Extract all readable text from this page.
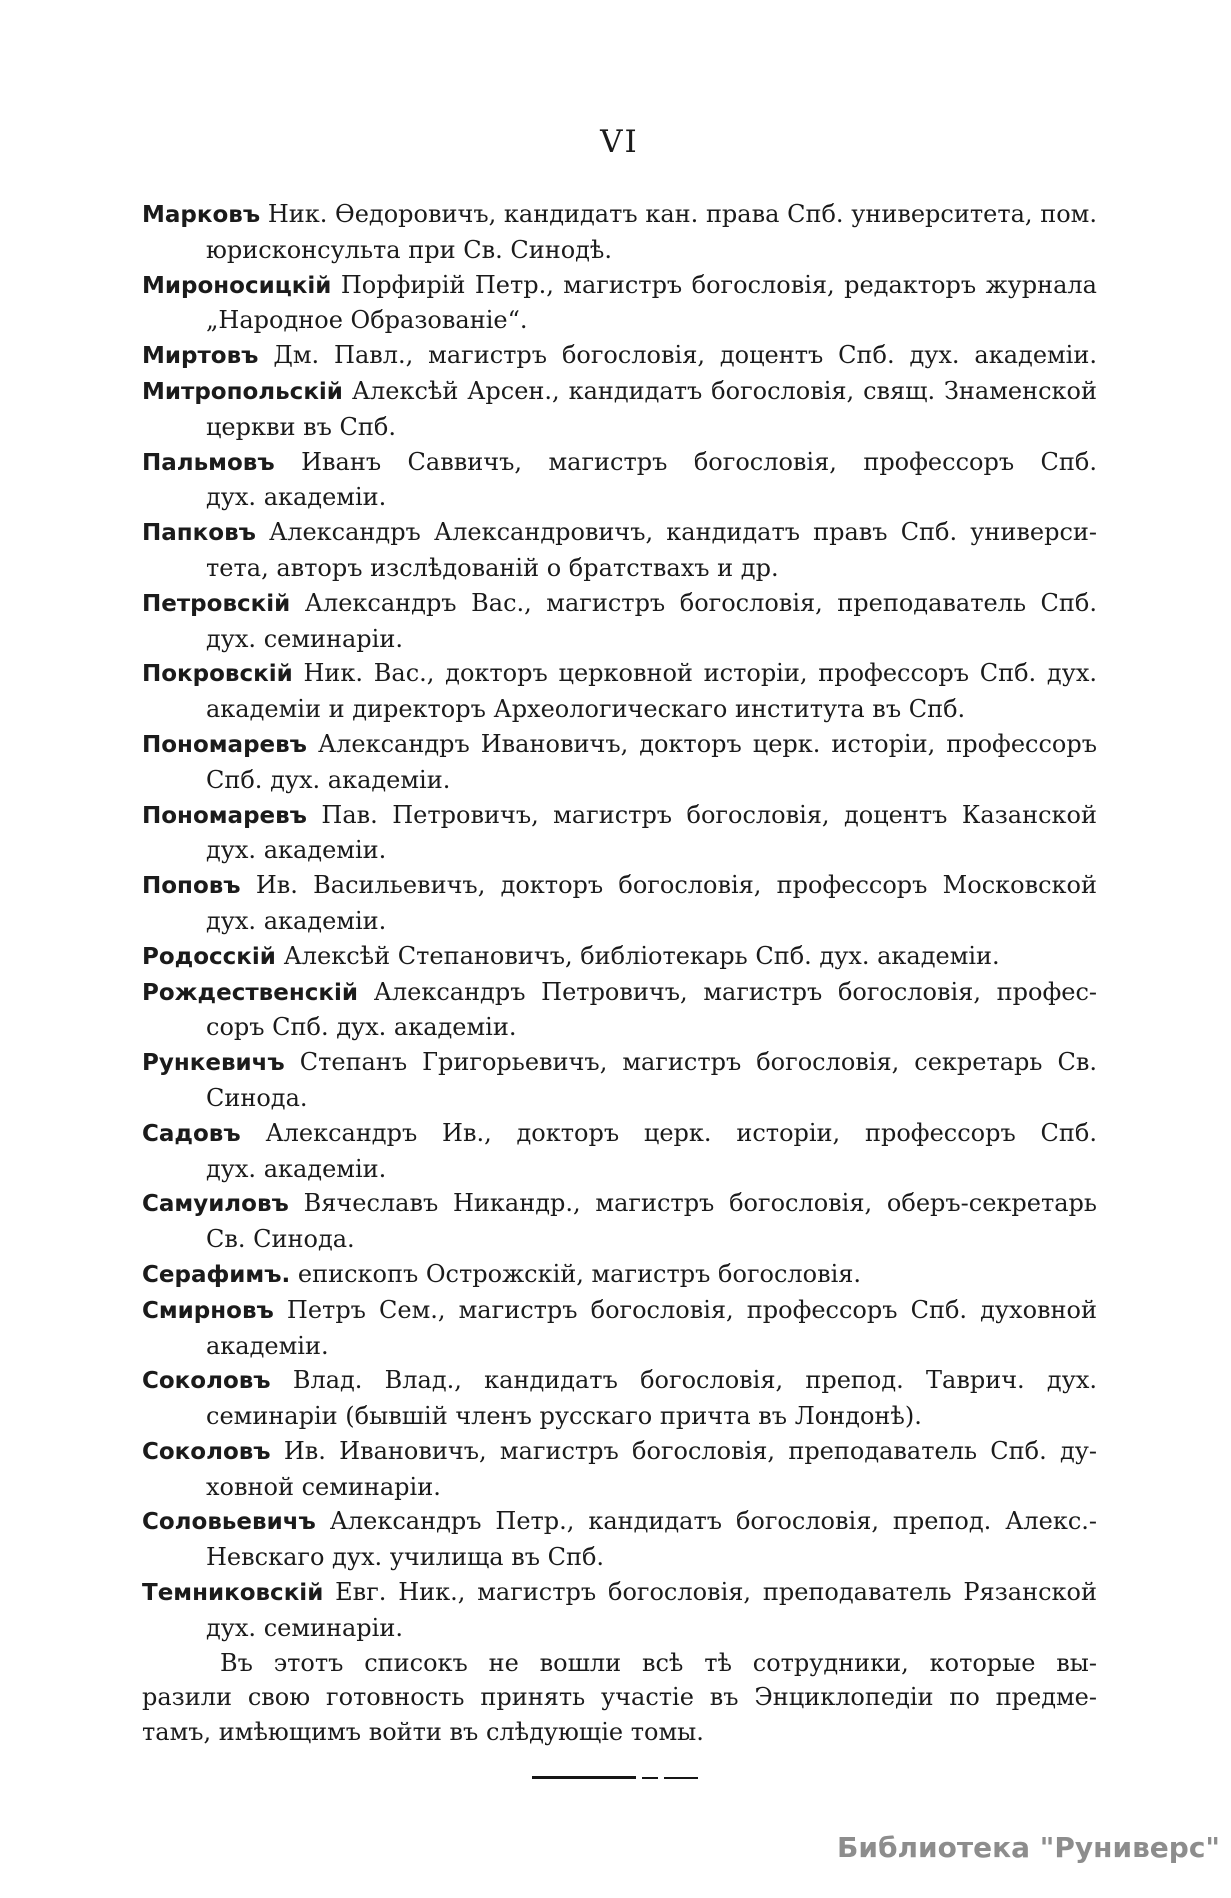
VI
Марковъ Ник. Ѳедоровичъ, кандидатъ кан. права Спб. университета, пом.
юрисконсульта при Св. Синодѣ.
Мироносицкій Порфирій Петр., магистръ богословія, редакторъ журнала
„Народное Образованіе“.
Миртовъ Дм. Павл., магистръ богословія, доцентъ Спб. дух. академіи.
Митропольскій Алексѣй Арсен., кандидатъ богословія, свящ. Знаменской
церкви въ Спб.
Пальмовъ Иванъ Саввичъ, магистръ богословія, профессоръ Спб.
дух. академіи.
Папковъ Александръ Александровичъ, кандидатъ правъ Спб. универси-
тета, авторъ изслѣдованій о братствахъ и др.
Петровскій Александръ Вас., магистръ богословія, преподаватель Спб.
дух. семинаріи.
Покровскій Ник. Вас., докторъ церковной исторіи, профессоръ Спб. дух.
академіи и директоръ Археологическаго института въ Спб.
Пономаревъ Александръ Ивановичъ, докторъ церк. исторіи, профессоръ
Спб. дух. академіи.
Пономаревъ Пав. Петровичъ, магистръ богословія, доцентъ Казанской
дух. академіи.
Поповъ Ив. Васильевичъ, докторъ богословія, профессоръ Московской
дух. академіи.
Родосскій Алексѣй Степановичъ, библіотекарь Спб. дух. академіи.
Рождественскій Александръ Петровичъ, магистръ богословія, профес-
соръ Спб. дух. академіи.
Рункевичъ Степанъ Григорьевичъ, магистръ богословія, секретарь Св.
Синода.
Садовъ Александръ Ив., докторъ церк. исторіи, профессоръ Спб.
дух. академіи.
Самуиловъ Вячеславъ Никандр., магистръ богословія, оберъ-секретарь
Св. Синода.
Серафимъ. епископъ Острожскій, магистръ богословія.
Смирновъ Петръ Сем., магистръ богословія, профессоръ Спб. духовной
академіи.
Соколовъ Влад. Влад., кандидатъ богословія, препод. Таврич. дух.
семинаріи (бывшій членъ русскаго причта въ Лондонѣ).
Соколовъ Ив. Ивановичъ, магистръ богословія, преподаватель Спб. ду-
ховной семинаріи.
Соловьевичъ Александръ Петр., кандидатъ богословія, препод. Алекс.-
Невскаго дух. училища въ Спб.
Темниковскій Евг. Ник., магистръ богословія, преподаватель Рязанской
дух. семинаріи.
Въ этотъ списокъ не вошли всѣ тѣ сотрудники, которые вы-
разили свою готовность принять участіе въ Энциклопедіи по предме-
тамъ, имѣющимъ войти въ слѣдующіе томы.
Библиотека "Руниверс"
